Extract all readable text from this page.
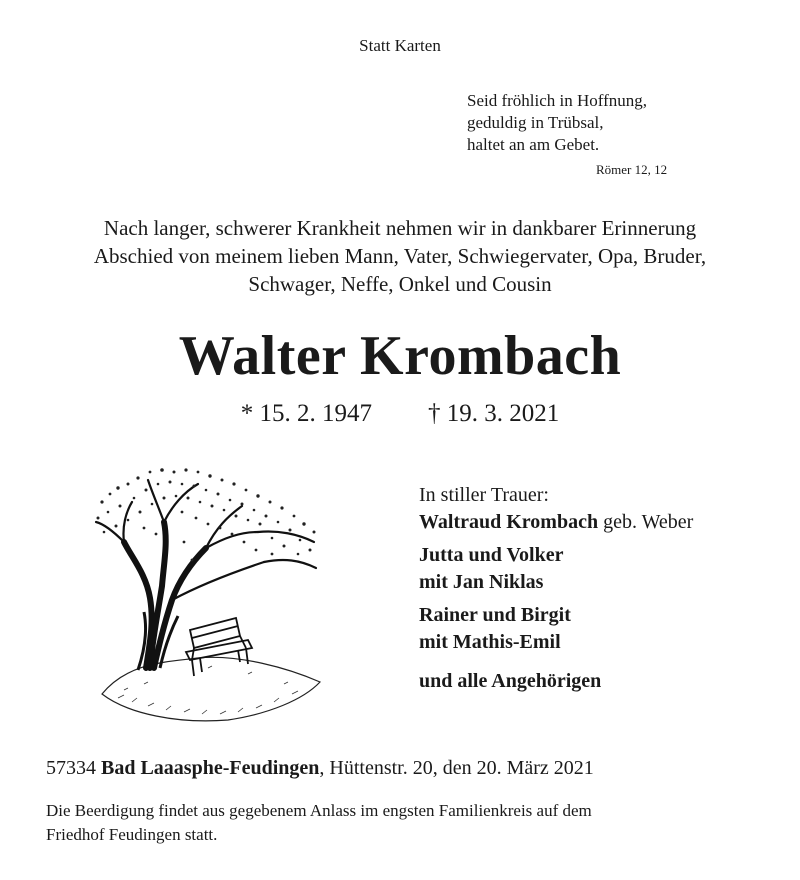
Statt Karten
Seid fröhlich in Hoffnung,
geduldig in Trübsal,
haltet an am Gebet.
Römer 12, 12
Nach langer, schwerer Krankheit nehmen wir in dankbarer Erinnerung
Abschied von meinem lieben Mann, Vater, Schwiegervater, Opa, Bruder,
Schwager, Neffe, Onkel und Cousin
Walter Krombach
* 15. 2. 1947 † 19. 3. 2021
In stiller Trauer:
Waltraud Krombach geb. Weber
Jutta und Volker
mit Jan Niklas
Rainer und Birgit
mit Mathis-Emil
und alle Angehörigen
57334 Bad Laaasphe-Feudingen, Hüttenstr. 20, den 20. März 2021
Die Beerdigung findet aus gegebenem Anlass im engsten Familienkreis auf dem
Friedhof Feudingen statt.
